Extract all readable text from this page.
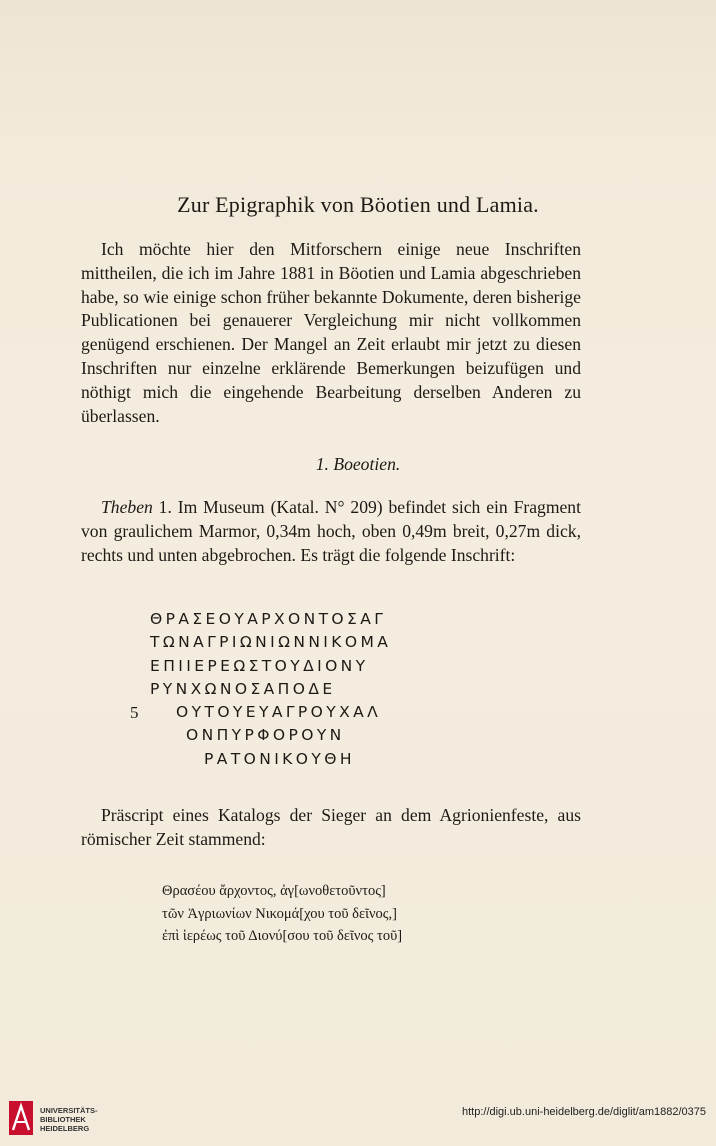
Zur Epigraphik von Böotien und Lamia.
Ich möchte hier den Mitforschern einige neue Inschriften mittheilen, die ich im Jahre 1881 in Böotien und Lamia abgeschrieben habe, so wie einige schon früher bekannte Dokumente, deren bisherige Publicationen bei genauerer Vergleichung mir nicht vollkommen genügend erschienen. Der Mangel an Zeit erlaubt mir jetzt zu diesen Inschriften nur einzelne erklärende Bemerkungen beizufügen und nöthigt mich die eingehende Bearbeitung derselben Anderen zu überlassen.
1. Boeotien.
Theben 1. Im Museum (Katal. N° 209) befindet sich ein Fragment von graulichem Marmor, 0,34m hoch, oben 0,49m breit, 0,27m dick, rechts und unten abgebrochen. Es trägt die folgende Inschrift:
ΘΡΑΣΕΟΥΑΡΧΟΝΤΟΣΑΓ
ΤΩΝΑΓΡΙΩΝΙΩΝΝΙΚΟΜΑ
ΕΠΙΙΕΡΕΩΣΤΟΥΔΙΟΝΥ
ΡΥΝΧΩΝΟΣΑΠΟΔΕ
5 ΟΥΤΟΥΕΥΑΓΡΟΥΧΑΛ
ΟΝΠΥΡΦΟΡΟΥΝ
ΡΑΤΟΝΙΚΟΥΘΗ
Präscript eines Katalogs der Sieger an dem Agrionienfeste, aus römischer Zeit stammend:
Θρασέου ἄρχοντος, ἀγ[ωνοθετοῦντος]
τῶν Ἀγριωνίων Νικομά[χου τοῦ δεῖνος,]
ἐπὶ ἱερέως τοῦ Διονύ[σου τοῦ δεῖνος τοῦ]
UNIVERSITÄTS-
BIBLIOTHEK
HEIDELBERG
http://digi.ub.uni-heidelberg.de/diglit/am1882/0375
